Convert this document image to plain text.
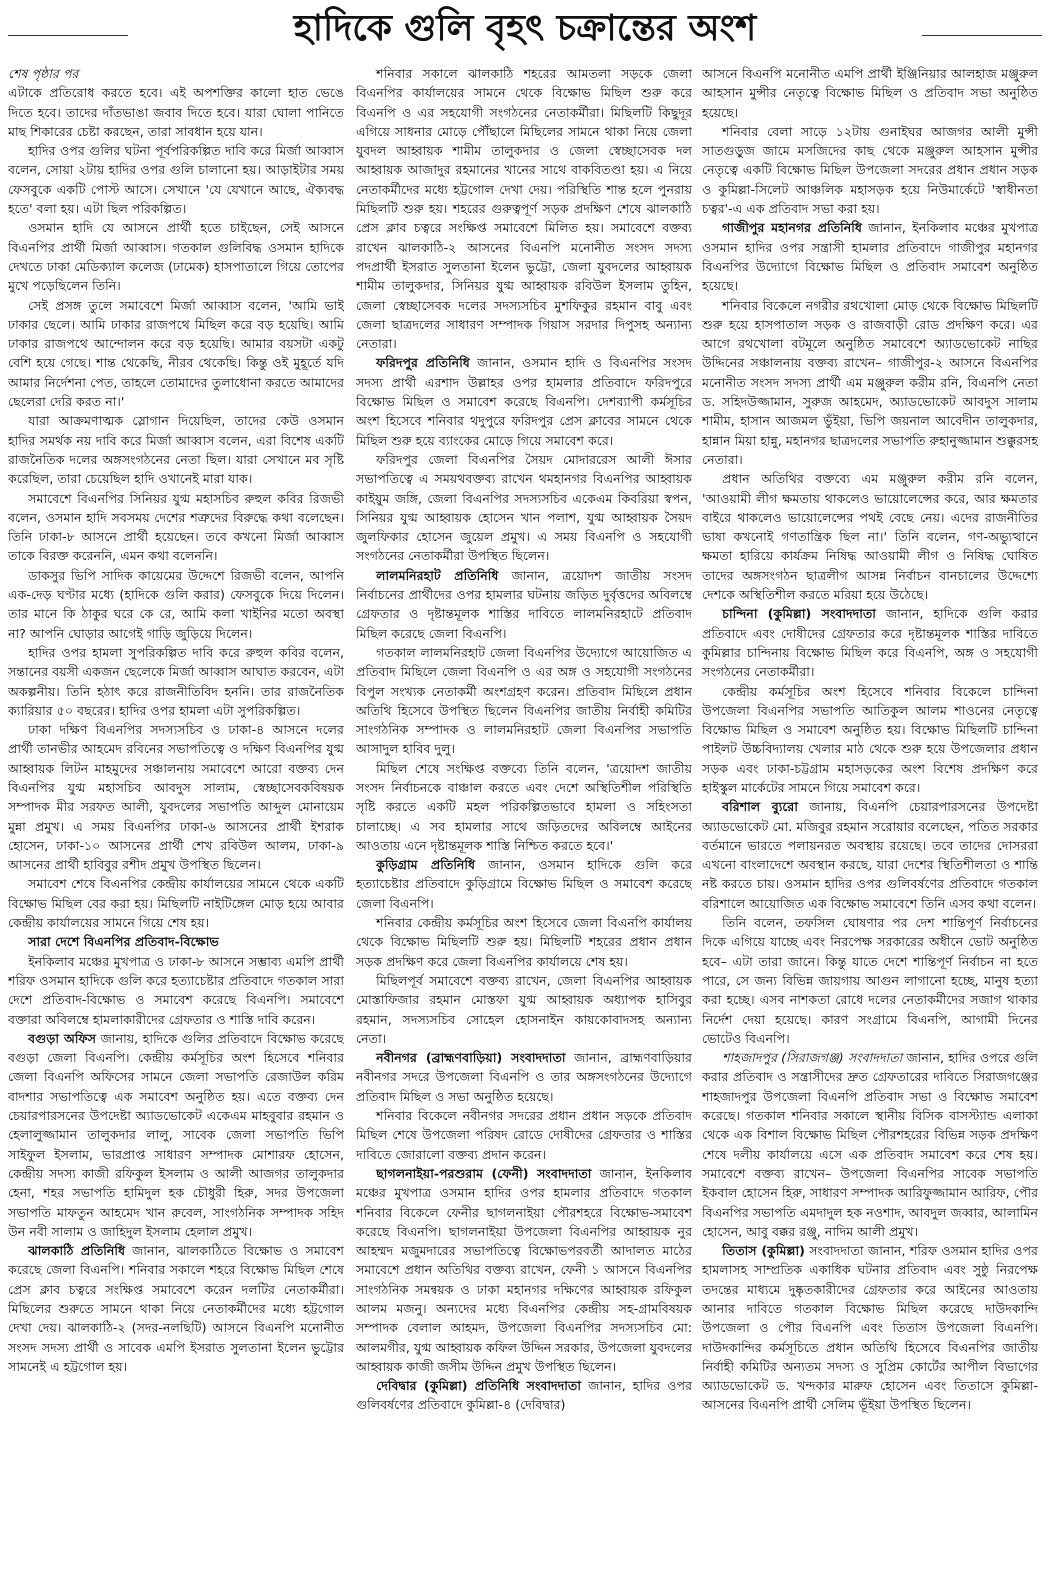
হাদিকে গুলি বৃহৎ চক্রান্তের অংশ

শেষ পৃষ্ঠার পর

এটাকে প্রতিরোধ করতে হবে। এই অপশক্তির কালো হাত ভেঙে দিতে হবে। তাদের দাঁতভাঙা জবাব দিতে হবে। যারা ঘোলা পানিতে মাছ শিকারের চেষ্টা করছেন, তারা সাবধান হয়ে যান।

হাদির ওপর গুলির ঘটনা পূর্বপরিকল্পিত দাবি করে মির্জা আব্বাস বলেন, সোয়া ২টায় হাদির ওপর গুলি চালানো হয়। আড়াইটার সময় ফেসবুকে একটি পোস্ট আসে। সেখানে 'যে যেখানে আছে, ঐক্যবদ্ধ হতে' বলা হয়। এটা ছিল পরিকল্পিত।

ওসমান হাদি যে আসনে প্রার্থী হতে চাইছেন, সেই আসনে বিএনপির প্রার্থী মির্জা আব্বাস। গতকাল গুলিবিদ্ধ ওসমান হাদিকে দেখতে ঢাকা মেডিক্যাল কলেজ (ঢামেক) হাসপাতালে গিয়ে তোপের মুখে পড়েছিলেন তিনি।

সেই প্রসঙ্গ তুলে সমাবেশে মির্জা আব্বাস বলেন, 'আমি ভাই ঢাকার ছেলে। আমি ঢাকার রাজপথে মিছিল করে বড় হয়েছি। আমি ঢাকার রাজপথে আন্দোলন করে বড় হয়েছি। আমার বয়সটা একটু বেশি হয়ে গেছে। শান্ত থেকেছি, নীরব থেকেছি। কিন্তু ওই মুহূর্তে যদি আমার নির্দেশনা পেত, তাহলে তোমাদের তুলাধোনা করতে আমাদের ছেলেরা দেরি করত না।'

যারা আক্রমণাত্মক স্লোগান দিয়েছিল, তাদের কেউ ওসমান হাদির সমর্থক নয় দাবি করে মির্জা আব্বাস বলেন, এরা বিশেষ একটি রাজনৈতিক দলের অঙ্গসংগঠনের নেতা ছিল। যারা সেখানে মব সৃষ্টি করেছিল, তারা চেয়েছিল হাদি ওখানেই মারা যাক।

সমাবেশে বিএনপির সিনিয়র যুগ্ম মহাসচিব রুহুল কবির রিজভী বলেন, ওসমান হাদি সবসময় দেশের শত্রুদের বিরুদ্ধে কথা বলেছেন। তিনি ঢাকা-৮ আসনে প্রার্থী হয়েছেন। তবে কখনো মির্জা আব্বাস তাকে বিরক্ত করেননি, এমন কথা বলেননি।

ডাকসুর ভিপি সাদিক কায়েমের উদ্দেশে রিজভী বলেন, আপনি এক-দেড় ঘণ্টার মধ্যে (হাদিকে গুলি করার) ফেসবুকে দিয়ে দিলেন। তার মানে কি ঠাকুর ঘরে কে রে, আমি কলা খাইনির মতো অবস্থা না? আপনি ঘোড়ার আগেই গাড়ি জুড়িয়ে দিলেন।

হাদির ওপর হামলা সুপরিকল্পিত দাবি করে রুহুল কবির বলেন, সন্তানের বয়সী একজন ছেলেকে মির্জা আব্বাস আঘাত করবেন, এটা অকল্পনীয়। তিনি হঠাৎ করে রাজনীতিবিদ হননি। তার রাজনৈতিক ক্যারিয়ার ৫০ বছরের। হাদির ওপর হামলা এটা সুপরিকল্পিত।

ঢাকা দক্ষিণ বিএনপির সদস্যসচিব ও ঢাকা-৪ আসনে দলের প্রার্থী তানভীর আহমেদ রবিনের সভাপতিত্বে ও দক্ষিণ বিএনপির যুগ্ম আহ্বায়ক লিটন মাহমুদের সঞ্চালনায় সমাবেশে আরো বক্তব্য দেন বিএনপির যুগ্ম মহাসচিব আবদুস সালাম, স্বেচ্ছাসেবকবিষয়ক সম্পাদক মীর সরফত আলী, যুবদলের সভাপতি আব্দুল মোনায়েম মুন্না প্রমুখ। এ সময় বিএনপির ঢাকা-৬ আসনের প্রার্থী ইশরাক হোসেন, ঢাকা-১০ আসনের প্রার্থী শেখ রবিউল আলম, ঢাকা-৯ আসনের প্রার্থী হাবিবুর রশীদ প্রমুখ উপস্থিত ছিলেন।

সমাবেশ শেষে বিএনপির কেন্দ্রীয় কার্যালয়ের সামনে থেকে একটি বিক্ষোভ মিছিল বের করা হয়। মিছিলটি নাইটিঙ্গেল মোড় হয়ে আবার কেন্দ্রীয় কার্যালয়ের সামনে গিয়ে শেষ হয়।

সারা দেশে বিএনপির প্রতিবাদ-বিক্ষোভ

ইনকিলাব মঞ্চের মুখপাত্র ও ঢাকা-৮ আসনে সম্ভাব্য এমপি প্রার্থী শরিফ ওসমান হাদিকে গুলি করে হত্যাচেষ্টার প্রতিবাদে গতকাল সারা দেশে প্রতিবাদ-বিক্ষোভ ও সমাবেশ করেছে বিএনপি। সমাবেশে বক্তারা অবিলম্বে হামলাকারীদের গ্রেফতার ও শাস্তি দাবি করেন।

বগুড়া অফিস জানায়, হাদিকে গুলির প্রতিবাদে বিক্ষোভ করেছে বগুড়া জেলা বিএনপি। কেন্দ্রীয় কর্মসূচির অংশ হিসেবে শনিবার জেলা বিএনপি অফিসের সামনে জেলা সভাপতি রেজাউল করিম বাদশার সভাপতিত্বে এক সমাবেশ অনুষ্ঠিত হয়। এতে বক্তব্য দেন চেয়ারপারসনের উপদেষ্টা অ্যাডভোকেট একেএম মাহবুবার রহমান ও হেলালুজ্জামান তালুকদার লালু, সাবেক জেলা সভাপতি ভিপি সাইফুল ইসলাম, ভারপ্রাপ্ত সাধারণ সম্পাদক মোশারফ হোসেন, কেন্দ্রীয় সদস্য কাজী রফিকুল ইসলাম ও আলী আজগর তালুকদার হেনা, শহর সভাপতি হামিদুল হক চৌধুরী হিরু, সদর উপজেলা সভাপতি মাফতুন আহমেদ খান রুবেল, সাংগঠনিক সম্পাদক সহিদ উন নবী সালাম ও জাহিদুল ইসলাম হেলাল প্রমুখ।

ঝালকাঠি প্রতিনিধি জানান, ঝালকাঠিতে বিক্ষোভ ও সমাবেশ করেছে জেলা বিএনপি। শনিবার সকালে শহরে বিক্ষোভ মিছিল শেষে প্রেস ক্লাব চত্বরে সংক্ষিপ্ত সমাবেশে করেন দলটির নেতাকর্মীরা। মিছিলের শুরুতে সামনে থাকা নিয়ে নেতাকর্মীদের মধ্যে হট্টগোল দেখা দেয়। ঝালকাঠি-২ (সদর-নলছিটি) আসনে বিএনপি মনোনীত সংসদ সদস্য প্রার্থী ও সাবেক এমপি ইসরাত সুলতানা ইলেন ভুট্টোর সামনেই এ হট্টগোল হয়।

শনিবার সকালে ঝালকাঠি শহরের আমতলা সড়কে জেলা বিএনপির কার্যালয়ের সামনে থেকে বিক্ষোভ মিছিল শুরু করে বিএনপি ও এর সহযোগী সংগঠনের নেতাকর্মীরা। মিছিলটি কিছুদূর এগিয়ে সাধনার মোড়ে পৌঁছালে মিছিলের সামনে থাকা নিয়ে জেলা যুবদল আহ্বায়ক শামীম তালুকদার ও জেলা স্বেচ্ছাসেবক দল আহ্বায়ক আজাদুর রহমানের খানের সাথে বাকবিতণ্ডা হয়। এ নিয়ে নেতাকর্মীদের মধ্যে হট্টগোল দেখা দেয়। পরিস্থিতি শান্ত হলে পুনরায় মিছিলটি শুরু হয়। শহরের গুরুত্বপূর্ণ সড়ক প্রদক্ষিণ শেষে ঝালকাঠি প্রেস ক্লাব চত্বরে সংক্ষিপ্ত সমাবেশে মিলিত হয়। সমাবেশে বক্তব্য রাখেন ঝালকাঠি-২ আসনের বিএনপি মনোনীত সংসদ সদস্য পদপ্রার্থী ইসরাত সুলতানা ইলেন ভুট্টো, জেলা যুবদলের আহ্বায়ক শামীম তালুকদার, সিনিয়র যুগ্ম আহ্বায়ক রবিউল ইসলাম তুহিন, জেলা স্বেচ্ছাসেবক দলের সদস্যসচিব মুশফিকুর রহমান বাবু এবং জেলা ছাত্রদলের সাধারণ সম্পাদক গিয়াস সরদার দিপুসহ অন্যান্য নেতারা।

ফরিদপুর প্রতিনিধি জানান, ওসমান হাদি ও বিএনপির সংসদ সদস্য প্রার্থী এরশাদ উল্লাহর ওপর হামলার প্রতিবাদে ফরিদপুরে বিক্ষোভ মিছিল ও সমাবেশ করেছে বিএনপি। দেশব্যাপী কর্মসূচির অংশ হিসেবে শনিবার থদুপুরে ফরিদপুর প্রেস ক্লাবের সামনে থেকে মিছিল শুরু হয়ে ব্যাংকের মোড়ে গিয়ে সমাবেশ করে।

ফরিদপুর জেলা বিএনপির সৈয়দ মোদাররেস আলী ঈসার সভাপতিত্বে এ সময়থবক্তব্য রাখেন থমহানগর বিএনপির আহ্বায়ক কাইয়ুম জঙ্গি, জেলা বিএনপির সদস্যসচিব একেএম কিবরিয়া স্বপন, সিনিয়র যুগ্ম আহ্বায়ক হোসেন খান পলাশ, যুগ্ম আহ্বায়ক সৈয়দ জুলফিকার হোসেন জুয়েল প্রমুখ। এ সময় বিএনপি ও সহযোগী সংগঠনের নেতাকর্মীরা উপস্থিত ছিলেন।

লালমনিরহাট প্রতিনিধি জানান, ত্রয়োদশ জাতীয় সংসদ নির্বাচনের প্রার্থীদের ওপর হামলার ঘটনায় জড়িত দুর্বৃত্তদের অবিলম্বে গ্রেফতার ও দৃষ্টান্তমূলক শাস্তির দাবিতে লালমনিরহাটে প্রতিবাদ মিছিল করেছে জেলা বিএনপি।

গতকাল লালমনিরহাট জেলা বিএনপির উদ্যোগে আয়োজিত এ প্রতিবাদ মিছিলে জেলা বিএনপি ও এর অঙ্গ ও সহযোগী সংগঠনের বিপুল সংখ্যক নেতাকর্মী অংশগ্রহণ করেন। প্রতিবাদ মিছিলে প্রধান অতিথি হিসেবে উপস্থিত ছিলেন বিএনপির জাতীয় নির্বাহী কমিটির সাংগঠনিক সম্পাদক ও লালমনিরহাট জেলা বিএনপির সভাপতি আসাদুল হাবিব দুলু।

মিছিল শেষে সংক্ষিপ্ত বক্তব্যে তিনি বলেন, 'ত্রয়োদশ জাতীয় সংসদ নির্বাচনকে বাঞ্চাল করতে এবং দেশে অস্থিতিশীল পরিস্থিতি সৃষ্টি করতে একটি মহল পরিকল্পিতভাবে হামলা ও সহিংসতা চালাচ্ছে। এ সব হামলার সাথে জড়িতদের অবিলম্বে আইনের আওতায় এনে দৃষ্টান্তমূলক শাস্তি নিশ্চিত করতে হবে।'

কুড়িগ্রাম প্রতিনিধি জানান, ওসমান হাদিকে গুলি করে হত্যাচেষ্টার প্রতিবাদে কুড়িগ্রামে বিক্ষোভ মিছিল ও সমাবেশ করেছে জেলা বিএনপি।

শনিবার কেন্দ্রীয় কর্মসূচির অংশ হিসেবে জেলা বিএনপি কার্যালয় থেকে বিক্ষোভ মিছিলটি শুরু হয়। মিছিলটি শহরের প্রধান প্রধান সড়ক প্রদক্ষিণ করে জেলা বিএনপির কার্যালয়ে শেষ হয়।

মিছিলপূর্ব সমাবেশে বক্তব্য রাখেন, জেলা বিএনপির আহ্বায়ক মোস্তাফিজার রহমান মোস্তফা যুগ্ম আহ্বায়ক অধ্যাপক হাসিবুর রহমান, সদস্যসচিব সোহেল হোসনাইন কায়কোবাদসহ অন্যান্য নেতা।

নবীনগর (ব্রাহ্মণবাড়িয়া) সংবাদদাতা জানান, ব্রাহ্মণবাড়িয়ার নবীনগর সদরে উপজেলা বিএনপি ও তার অঙ্গসংগঠনের উদ্যোগে প্রতিবাদ মিছিল ও সভা অনুষ্ঠিত হয়েছে।

শনিবার বিকেলে নবীনগর সদরের প্রধান প্রধান সড়কে প্রতিবাদ মিছিল শেষে উপজেলা পরিষদ রোডে দোষীদের গ্রেফতার ও শাস্তির দাবিতে জোরালো বক্তব্য প্রদান করেন।

ছাগলনাইয়া-পরশুরাম (ফেনী) সংবাদদাতা জানান, ইনকিলাব মঞ্চের মুখপাত্র ওসমান হাদির ওপর হামলার প্রতিবাদে গতকাল শনিবার বিকেলে ফেনীর ছাগলনাইয়া পৌরশহরে বিক্ষোভ-সমাবেশ করেছে বিএনপি। ছাগলনাইয়া উপজেলা বিএনপির আহ্বায়ক নুর আহম্মদ মজুমদারের সভাপতিত্বে বিক্ষোভপরবর্তী আদালত মাঠের সমাবেশে প্রধান অতিথির বক্তব্য রাখেন, ফেনী ১ আসনে বিএনপির সাংগঠনিক সমন্বয়ক ও ঢাকা মহানগর দক্ষিণের আহ্বায়ক রফিকুল আলম মজনু। অন্যদের মধ্যে বিএনপির কেন্দ্রীয় সহ-গ্রামবিষয়ক সম্পাদক বেলাল আহমদ, উপজেলা বিএনপির সদস্যসচিব মো: আলমগীর, যুগ্ম আহ্বায়ক কফিল উদ্দিন সরকার, উপজেলা যুবদলের আহ্বায়ক কাজী জসীম উদ্দিন প্রমুখ উপস্থিত ছিলেন।

দেবিদ্বার (কুমিল্লা) প্রতিনিধি সংবাদদাতা জানান, হাদির ওপর গুলিবর্ষণের প্রতিবাদে কুমিল্লা-৪ (দেবিদ্বার)

আসনে বিএনপি মনোনীত এমপি প্রার্থী ইঞ্জিনিয়ার আলহাজ মঞ্জুরুল আহসান মুন্সীর নেতৃত্বে বিক্ষোভ মিছিল ও প্রতিবাদ সভা অনুষ্ঠিত হয়েছে।

শনিবার বেলা সাড়ে ১২টায় গুনাইঘর আজগর আলী মুন্সী সাতগুড়ুজ জামে মসজিদের কাছ থেকে মঞ্জুরুল আহসান মুন্সীর নেতৃত্বে একটি বিক্ষোভ মিছিল উপজেলা সদরের প্রধান প্রধান সড়ক ও কুমিল্লা-সিলেট আঞ্চলিক মহাসড়ক হয়ে নিউমার্কেটে 'স্বাধীনতা চত্বর'-এ এক প্রতিবাদ সভা করা হয়।

গাজীপুর মহানগর প্রতিনিধি জানান, ইনকিলাব মঞ্চের মুখপাত্র ওসমান হাদির ওপর সন্ত্রাসী হামলার প্রতিবাদে গাজীপুর মহানগর বিএনপির উদ্যোগে বিক্ষোভ মিছিল ও প্রতিবাদ সমাবেশ অনুষ্ঠিত হয়েছে।

শনিবার বিকেলে নগরীর রথখোলা মোড় থেকে বিক্ষোভ মিছিলটি শুরু হয়ে হাসপাতাল সড়ক ও রাজবাড়ী রোড প্রদক্ষিণ করে। এর আগে রথখোলা বটমূলে অনুষ্ঠিত সমাবেশে অ্যাডভোকেট নাছির উদ্দিনের সঞ্চালনায় বক্তব্য রাখেন– গাজীপুর-২ আসনে বিএনপির মনোনীত সংসদ সদস্য প্রার্থী এম মঞ্জুরুল করীম রনি, বিএনপি নেতা ড. সহিদউজ্জামান, সুরুজ আহমেদ, অ্যাডভোকেট আবদুস সালাম শামীম, হাসান আজমল ভুঁইয়া, ভিপি জয়নাল আবেদীন তালুকদার, হান্নান মিয়া হান্নু, মহানগর ছাত্রদলের সভাপতি রুহানুজ্জামান শুক্কুরসহ নেতারা।

প্রধান অতিথির বক্তব্যে এম মঞ্জুরুল করীম রনি বলেন, 'আওয়ামী লীগ ক্ষমতায় থাকলেও ভায়োলেন্সের করে, আর ক্ষমতার বাইরে থাকলেও ভায়োলেন্সের পথই বেছে নেয়। এদের রাজনীতির ভাষা কখনোই গণতান্ত্রিক ছিল না।' তিনি বলেন, গণ-অভ্যুত্থানে ক্ষমতা হারিয়ে কার্যক্রম নিষিদ্ধ আওয়ামী লীগ ও নিষিদ্ধ ঘোষিত তাদের অঙ্গসংগঠন ছাত্রলীগ আসন্ন নির্বাচন বানচালের উদ্দেশ্যে দেশকে অস্থিতিশীল করতে মরিয়া হয়ে উঠেছে।

চান্দিনা (কুমিল্লা) সংবাদদাতা জানান, হাদিকে গুলি করার প্রতিবাদে এবং দোষীদের গ্রেফতার করে দৃষ্টান্তমূলক শাস্তির দাবিতে কুমিল্লার চান্দিনায় বিক্ষোভ মিছিল করে বিএনপি, অঙ্গ ও সহযোগী সংগঠনের নেতাকর্মীরা।

কেন্দ্রীয় কর্মসূচির অংশ হিসেবে শনিবার বিকেলে চান্দিনা উপজেলা বিএনপির সভাপতি আতিকুল আলম শাওনের নেতৃত্বে বিক্ষোভ মিছিল ও সমাবেশ অনুষ্ঠিত হয়। বিক্ষোভ মিছিলটি চান্দিনা পাইলট উচ্চবিদ্যালয় খেলার মাঠ থেকে শুরু হয়ে উপজেলার প্রধান সড়ক এবং ঢাকা-চট্টগ্রাম মহাসড়কের অংশ বিশেষ প্রদক্ষিণ করে হাইস্কুল মার্কেটের সামনে গিয়ে সমাবেশ করে।

বরিশাল ব্যুরো জানায়, বিএনপি চেয়ারপারসনের উপদেষ্টা অ্যাডভোকেট মো. মজিবুর রহমান সরোয়ার বলেছেন, পতিত সরকার বর্তমানে ভারতে পলায়নরত অবস্থায় রয়েছে। তবে তাদের দোসররা এখনো বাংলাদেশে অবস্থান করছে, যারা দেশের স্থিতিশীলতা ও শান্তি নষ্ট করতে চায়। ওসমান হাদির ওপর গুলিবর্ষণের প্রতিবাদে গতকাল বরিশালে আয়োজিত এক বিক্ষোভ সমাবেশে তিনি এসব কথা বলেন।

তিনি বলেন, তফসিল ঘোষণার পর দেশ শান্তিপূর্ণ নির্বাচনের দিকে এগিয়ে যাচ্ছে এবং নিরপেক্ষ সরকারের অধীনে ভোট অনুষ্ঠিত হবে– এটা তারা জানে। কিন্তু যাতে দেশে শান্তিপূর্ণ নির্বাচন না হতে পারে, সে জন্য বিভিন্ন জায়গায় আগুন লাগানো হচ্ছে, মানুষ হত্যা করা হচ্ছে। এসব নাশকতা রোধে দলের নেতাকর্মীদের সজাগ থাকার নির্দেশ দেয়া হয়েছে। কারণ সংগ্রামে বিএনপি, আগামী দিনের ভোটেও বিএনপি।

শাহজাদপুর (সিরাজগঞ্জ) সংবাদদাতা জানান, হাদির ওপরে গুলি করার প্রতিবাদ ও সন্ত্রাসীদের দ্রুত গ্রেফতারের দাবিতে সিরাজগঞ্জের শাহজাদপুর উপজেলা বিএনপি প্রতিবাদ সভা ও বিক্ষোভ সমাবেশ করেছে। গতকাল শনিবার সকালে স্থানীয় বিসিক বাসস্ট্যান্ড এলাকা থেকে এক বিশাল বিক্ষোভ মিছিল পৌরশহরের বিভিন্ন সড়ক প্রদক্ষিণ শেষে দলীয় কার্যালয়ে এসে এক প্রতিবাদ সমাবেশ করে শেষ হয়। সমাবেশে বক্তব্য রাখেন– উপজেলা বিএনপির সাবেক সভাপতি ইকবাল হোসেন হিরু, সাধারণ সম্পাদক আরিফুজ্জামান আরিফ, পৌর বিএনপির সভাপতি এমদাদুল হক নওশাদ, আবদুল জব্বার, আলামিন হোসেন, আবু বক্কর রঞ্জু, নাদিম আলী প্রমুখ।

তিতাস (কুমিল্লা) সংবাদদাতা জানান, শরিফ ওসমান হাদির ওপর হামলাসহ সাম্প্রতিক একাধিক ঘটনার প্রতিবাদ এবং সুষ্ঠু নিরপেক্ষ তদন্তের মাধ্যমে দুষ্কৃতকারীদের গ্রেফতার করে আইনের আওতায় আনার দাবিতে গতকাল বিক্ষোভ মিছিল করেছে দাউদকান্দি উপজেলা ও পৌর বিএনপি এবং তিতাস উপজেলা বিএনপি। দাউদকান্দির কর্মসূচিতে প্রধান অতিথি হিসেবে বিএনপির জাতীয় নির্বাহী কমিটির অন্যতম সদস্য ও সুপ্রিম কোর্টের আপীল বিভাগের অ্যাডভোকেট ড. খন্দকার মারুফ হোসেন এবং তিতাসে কুমিল্লা-আসনের বিএনপি প্রার্থী সেলিম ভূঁইয়া উপস্থিত ছিলেন।
